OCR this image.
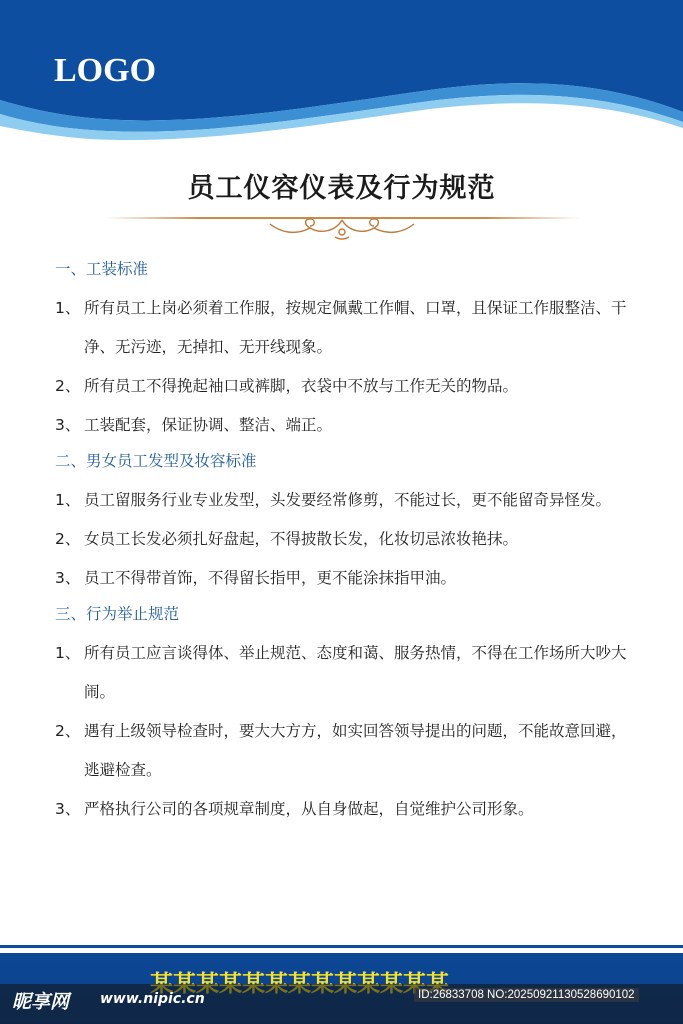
LOGO
员工仪容仪表及行为规范
一、工装标准
1、 所有员工上岗必须着工作服，按规定佩戴工作帽、口罩，且保证工作服整洁、干净、无污迹，无掉扣、无开线现象。
2、 所有员工不得挽起袖口或裤脚，衣袋中不放与工作无关的物品。
3、 工装配套，保证协调、整洁、端正。
二、男女员工发型及妆容标准
1、 员工留服务行业专业发型，头发要经常修剪，不能过长，更不能留奇异怪发。
2、 女员工长发必须扎好盘起，不得披散长发，化妆切忌浓妆艳抹。
3、 员工不得带首饰，不得留长指甲，更不能涂抹指甲油。
三、行为举止规范
1、 所有员工应言谈得体、举止规范、态度和蔼、服务热情，不得在工作场所大吵大闹。
2、 遇有上级领导检查时，要大大方方，如实回答领导提出的问题，不能故意回避，逃避检查。
3、 严格执行公司的各项规章制度，从自身做起，自觉维护公司形象。
昵享网 www.nipic.cn	ID:26833708 NO:20250921130528690102
